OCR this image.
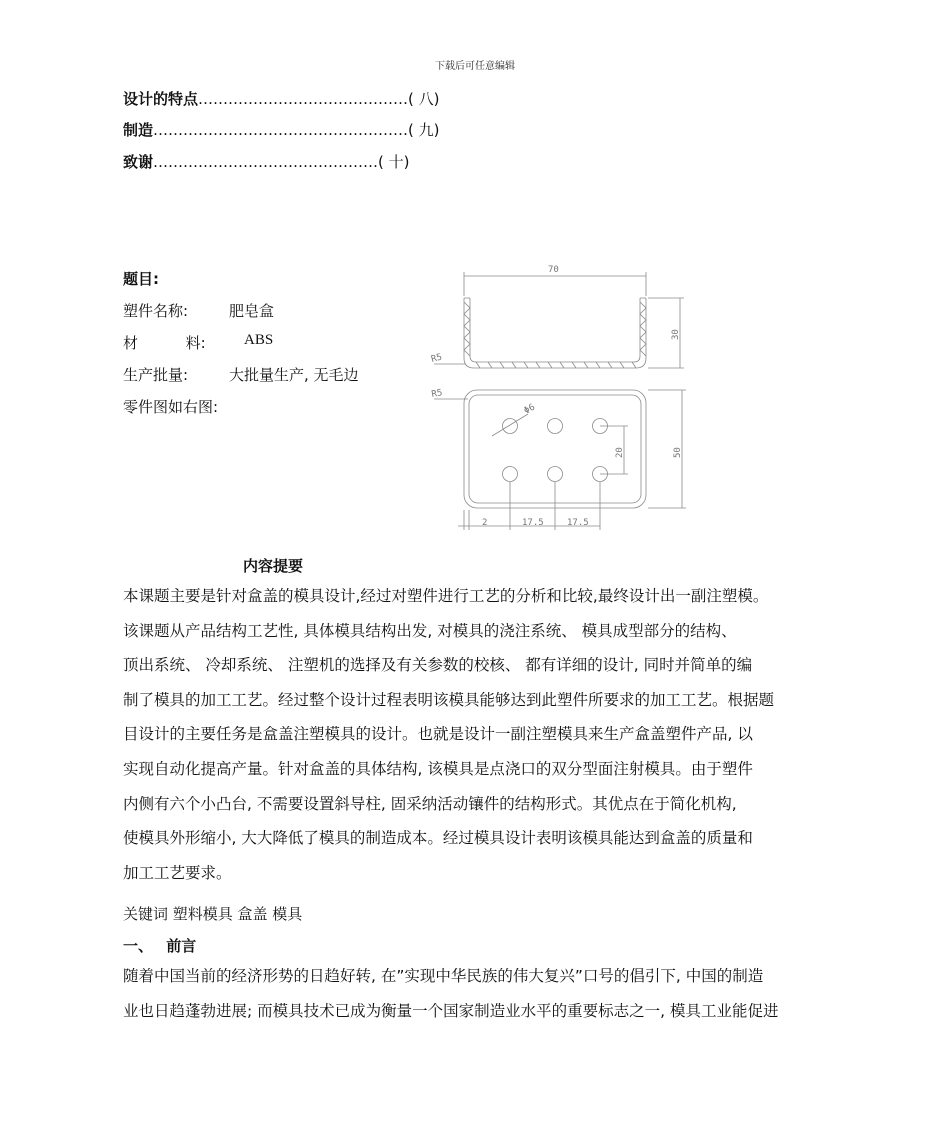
下载后可任意编辑
设计的特点……………………………………( 八)
制造……………………………………………( 九)
致谢………………………………………( 十)
题目:
塑件名称:	肥皂盒
材          料:	ABS
生产批量:	大批量生产, 无毛边
零件图如右图:
70
30
R5
R5
Φ6
20	50
2	17.5	17.5
内容提要
本课题主要是针对盒盖的模具设计,经过对塑件进行工艺的分析和比较,最终设计出一副注塑模。
该课题从产品结构工艺性, 具体模具结构出发, 对模具的浇注系统、 模具成型部分的结构、
顶出系统、 冷却系统、 注塑机的选择及有关参数的校核、 都有详细的设计, 同时并简单的编
制了模具的加工工艺。经过整个设计过程表明该模具能够达到此塑件所要求的加工工艺。根据题
目设计的主要任务是盒盖注塑模具的设计。也就是设计一副注塑模具来生产盒盖塑件产品, 以
实现自动化提高产量。针对盒盖的具体结构, 该模具是点浇口的双分型面注射模具。由于塑件
内侧有六个小凸台, 不需要设置斜导柱, 固采纳活动镶件的结构形式。其优点在于简化机构,
使模具外形缩小, 大大降低了模具的制造成本。经过模具设计表明该模具能达到盒盖的质量和
加工工艺要求。
关键词 塑料模具 盒盖 模具
一、 前言
随着中国当前的经济形势的日趋好转, 在”实现中华民族的伟大复兴”口号的倡引下, 中国的制造
业也日趋蓬勃进展; 而模具技术已成为衡量一个国家制造业水平的重要标志之一, 模具工业能促进
